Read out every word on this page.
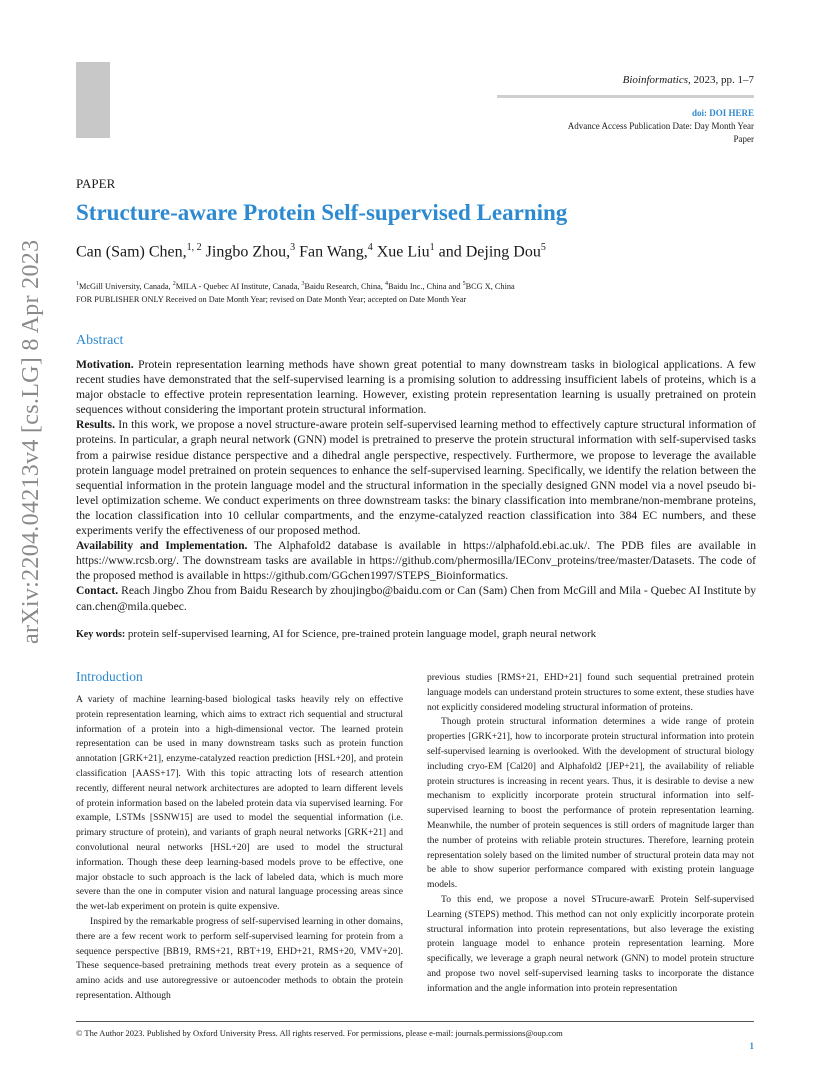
Bioinformatics, 2023, pp. 1–7
doi: DOI HERE
Advance Access Publication Date: Day Month Year
Paper
arXiv:2204.04213v4 [cs.LG] 8 Apr 2023
PAPER
Structure-aware Protein Self-supervised Learning
Can (Sam) Chen,$^{1, 2}$ Jingbo Zhou,$^3$ Fan Wang,$^4$ Xue Liu$^1$ and Dejing Dou$^5$
$^1$McGill University, Canada, $^2$MILA - Quebec AI Institute, Canada, $^3$Baidu Research, China, $^4$Baidu Inc., China and $^5$BCG X, China
FOR PUBLISHER ONLY Received on Date Month Year; revised on Date Month Year; accepted on Date Month Year
Abstract

Motivation. Protein representation learning methods have shown great potential to many downstream tasks in biological applications. A few recent studies have demonstrated that the self-supervised learning is a promising solution to addressing insufficient labels of proteins, which is a major obstacle to effective protein representation learning. However, existing protein representation learning is usually pretrained on protein sequences without considering the important protein structural information.

Results. In this work, we propose a novel structure-aware protein self-supervised learning method to effectively capture structural information of proteins. In particular, a graph neural network (GNN) model is pretrained to preserve the protein structural information with self-supervised tasks from a pairwise residue distance perspective and a dihedral angle perspective, respectively. Furthermore, we propose to leverage the available protein language model pretrained on protein sequences to enhance the self-supervised learning. Specifically, we identify the relation between the sequential information in the protein language model and the structural information in the specially designed GNN model via a novel pseudo bi-level optimization scheme. We conduct experiments on three downstream tasks: the binary classification into membrane/non-membrane proteins, the location classification into 10 cellular compartments, and the enzyme-catalyzed reaction classification into 384 EC numbers, and these experiments verify the effectiveness of our proposed method.

Availability and Implementation. The Alphafold2 database is available in https://alphafold.ebi.ac.uk/. The PDB files are available in https://www.rcsb.org/. The downstream tasks are available in https://github.com/phermosilla/IEConv_proteins/tree/master/Datasets. The code of the proposed method is available in https://github.com/GGchen1997/STEPS_Bioinformatics.

Contact. Reach Jingbo Zhou from Baidu Research by zhoujingbo@baidu.com or Can (Sam) Chen from McGill and Mila - Quebec AI Institute by can.chen@mila.quebec.

Key words: protein self-supervised learning, AI for Science, pre-trained protein language model, graph neural network
Introduction

A variety of machine learning-based biological tasks heavily rely on effective protein representation learning, which aims to extract rich sequential and structural information of a protein into a high-dimensional vector. The learned protein representation can be used in many downstream tasks such as protein function annotation [GRK+21], enzyme-catalyzed reaction prediction [HSL+20], and protein classification [AASS+17]. With this topic attracting lots of research attention recently, different neural network architectures are adopted to learn different levels of protein information based on the labeled protein data via supervised learning. For example, LSTMs [SSNW15] are used to model the sequential information (i.e. primary structure of protein), and variants of graph neural networks [GRK+21] and convolutional neural networks [HSL+20] are used to model the structural information. Though these deep learning-based models prove to be effective, one major obstacle to such approach is the lack of labeled data, which is much more severe than the one in computer vision and natural language processing areas since the wet-lab experiment on protein is quite expensive.

Inspired by the remarkable progress of self-supervised learning in other domains, there are a few recent work to perform self-supervised learning for protein from a sequence perspective [BB19, RMS+21, RBT+19, EHD+21, RMS+20, VMV+20]. These sequence-based pretraining methods treat every protein as a sequence of amino acids and use autoregressive or autoencoder methods to obtain the protein representation. Although

previous studies [RMS+21, EHD+21] found such sequential pretrained protein language models can understand protein structures to some extent, these studies have not explicitly considered modeling structural information of proteins.

Though protein structural information determines a wide range of protein properties [GRK+21], how to incorporate protein structural information into protein self-supervised learning is overlooked. With the development of structural biology including cryo-EM [Cal20] and Alphafold2 [JEP+21], the availability of reliable protein structures is increasing in recent years. Thus, it is desirable to devise a new mechanism to explicitly incorporate protein structural information into self-supervised learning to boost the performance of protein representation learning. Meanwhile, the number of protein sequences is still orders of magnitude larger than the number of proteins with reliable protein structures. Therefore, learning protein representation solely based on the limited number of structural protein data may not be able to show superior performance compared with existing protein language models.

To this end, we propose a novel STrucure-awarE Protein Self-supervised Learning (STEPS) method. This method can not only explicitly incorporate protein structural information into protein representations, but also leverage the existing protein language model to enhance protein representation learning. More specifically, we leverage a graph neural network (GNN) to model protein structure and propose two novel self-supervised learning tasks to incorporate the distance information and the angle information into protein representation

© The Author 2023. Published by Oxford University Press. All rights reserved. For permissions, please e-mail: journals.permissions@oup.com
1
